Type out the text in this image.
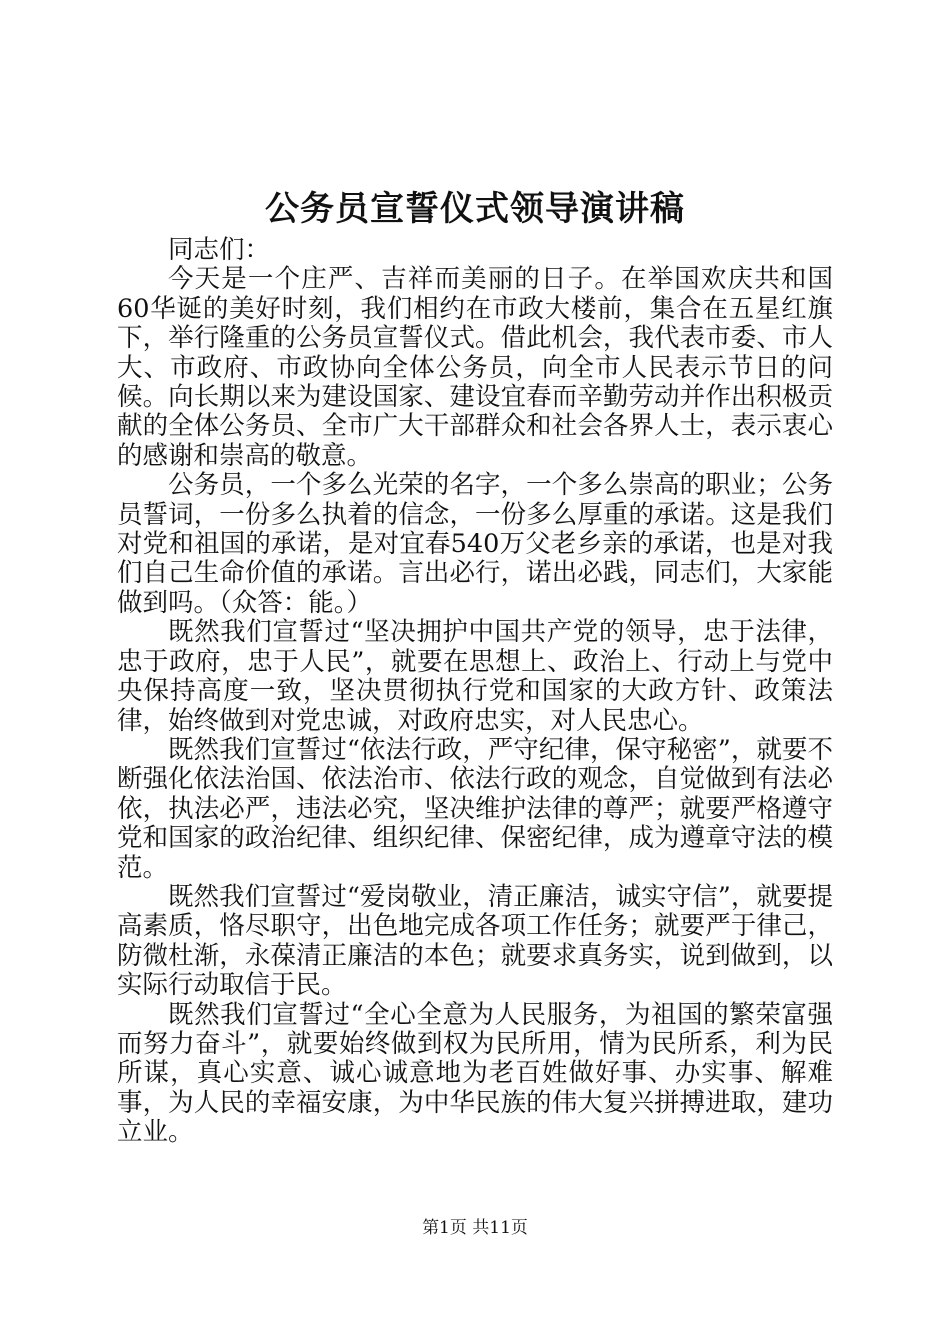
公务员宣誓仪式领导演讲稿

同志们：

今天是一个庄严、吉祥而美丽的日子。在举国欢庆共和国60华诞的美好时刻，我们相约在市政大楼前，集合在五星红旗下，举行隆重的公务员宣誓仪式。借此机会，我代表市委、市人大、市政府、市政协向全体公务员，向全市人民表示节日的问候。向长期以来为建设国家、建设宜春而辛勤劳动并作出积极贡献的全体公务员、全市广大干部群众和社会各界人士，表示衷心的感谢和崇高的敬意。

公务员，一个多么光荣的名字，一个多么崇高的职业；公务员誓词，一份多么执着的信念，一份多么厚重的承诺。这是我们对党和祖国的承诺，是对宜春540万父老乡亲的承诺，也是对我们自己生命价值的承诺。言出必行，诺出必践，同志们，大家能做到吗。（众答：能。）

既然我们宣誓过“坚决拥护中国共产党的领导，忠于法律，忠于政府，忠于人民”，就要在思想上、政治上、行动上与党中央保持高度一致，坚决贯彻执行党和国家的大政方针、政策法律，始终做到对党忠诚，对政府忠实，对人民忠心。

既然我们宣誓过“依法行政，严守纪律，保守秘密”，就要不断强化依法治国、依法治市、依法行政的观念，自觉做到有法必依，执法必严，违法必究，坚决维护法律的尊严；就要严格遵守党和国家的政治纪律、组织纪律、保密纪律，成为遵章守法的模范。

既然我们宣誓过“爱岗敬业，清正廉洁，诚实守信”，就要提高素质，恪尽职守，出色地完成各项工作任务；就要严于律己，防微杜渐，永葆清正廉洁的本色；就要求真务实，说到做到，以实际行动取信于民。

既然我们宣誓过“全心全意为人民服务，为祖国的繁荣富强而努力奋斗”，就要始终做到权为民所用，情为民所系，利为民所谋，真心实意、诚心诚意地为老百姓做好事、办实事、解难事，为人民的幸福安康，为中华民族的伟大复兴拼搏进取，建功立业。

第1页 共11页
